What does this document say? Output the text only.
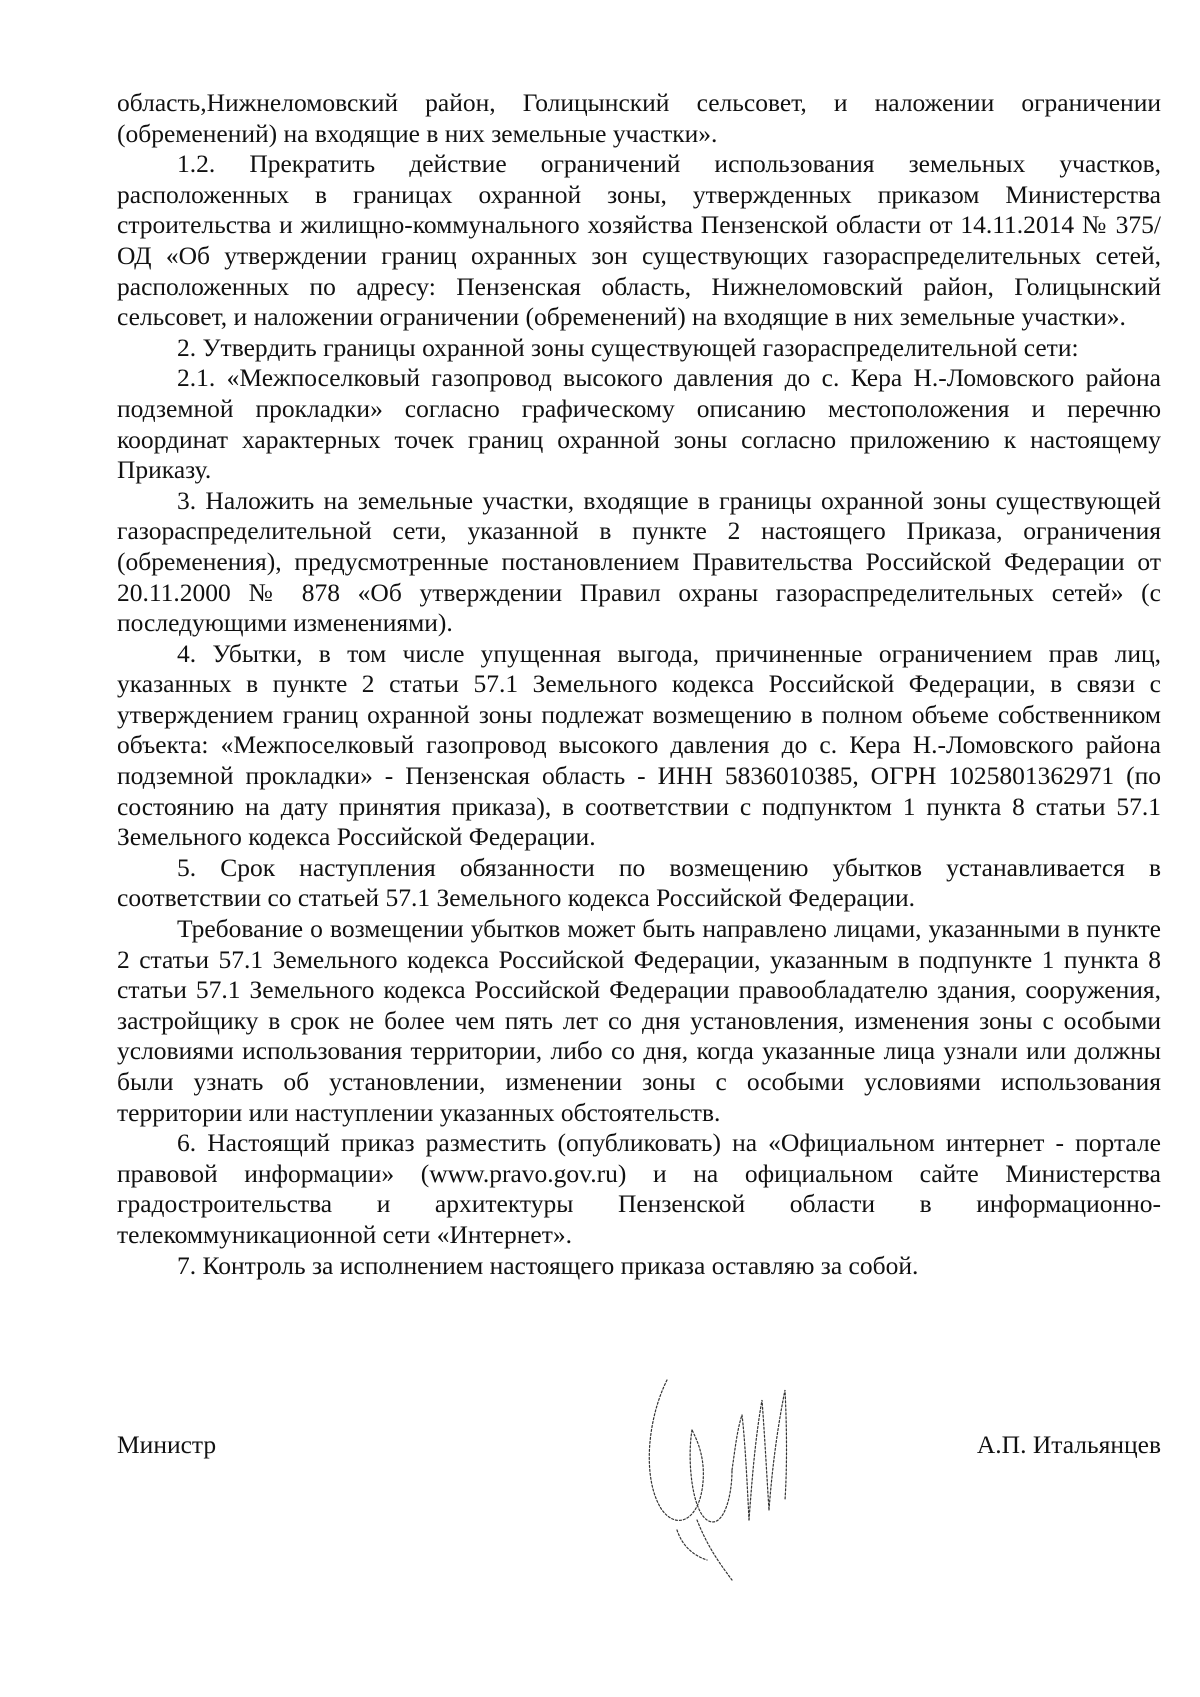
область,Нижнеломовский район, Голицынский сельсовет, и наложении ограничении (обременений) на входящие в них земельные участки».

1.2. Прекратить действие ограничений использования земельных участков, расположенных в границах охранной зоны, утвержденных приказом Министерства строительства и жилищно-коммунального хозяйства Пензенской области от 14.11.2014 № 375/ОД «Об утверждении границ охранных зон существующих газораспределительных сетей, расположенных по адресу: Пензенская область, Нижнеломовский район, Голицынский сельсовет, и наложении ограничении (обременений) на входящие в них земельные участки».

2. Утвердить границы охранной зоны существующей газораспределительной сети:

2.1. «Межпоселковый газопровод высокого давления до с. Кера Н.-Ломовского района подземной прокладки» согласно графическому описанию местоположения и перечню координат характерных точек границ охранной зоны согласно приложению к настоящему Приказу.

3. Наложить на земельные участки, входящие в границы охранной зоны существующей газораспределительной сети, указанной в пункте 2 настоящего Приказа, ограничения (обременения), предусмотренные постановлением Правительства Российской Федерации от 20.11.2000 № 878 «Об утверждении Правил охраны газораспределительных сетей» (с последующими изменениями).

4. Убытки, в том числе упущенная выгода, причиненные ограничением прав лиц, указанных в пункте 2 статьи 57.1 Земельного кодекса Российской Федерации, в связи с утверждением границ охранной зоны подлежат возмещению в полном объеме собственником объекта: «Межпоселковый газопровод высокого давления до с. Кера Н.-Ломовского района подземной прокладки» - Пензенская область - ИНН 5836010385, ОГРН 1025801362971 (по состоянию на дату принятия приказа), в соответствии с подпунктом 1 пункта 8 статьи 57.1 Земельного кодекса Российской Федерации.

5. Срок наступления обязанности по возмещению убытков устанавливается в соответствии со статьей 57.1 Земельного кодекса Российской Федерации.

Требование о возмещении убытков может быть направлено лицами, указанными в пункте 2 статьи 57.1 Земельного кодекса Российской Федерации, указанным в подпункте 1 пункта 8 статьи 57.1 Земельного кодекса Российской Федерации правообладателю здания, сооружения, застройщику в срок не более чем пять лет со дня установления, изменения зоны с особыми условиями использования территории, либо со дня, когда указанные лица узнали или должны были узнать об установлении, изменении зоны с особыми условиями использования территории или наступлении указанных обстоятельств.

6. Настоящий приказ разместить (опубликовать) на «Официальном интернет - портале правовой информации» (www.pravo.gov.ru) и на официальном сайте Министерства градостроительства и архитектуры Пензенской области в информационно-телекоммуникационной сети «Интернет».

7. Контроль за исполнением настоящего приказа оставляю за собой.

Министр	А.П. Итальянцев
